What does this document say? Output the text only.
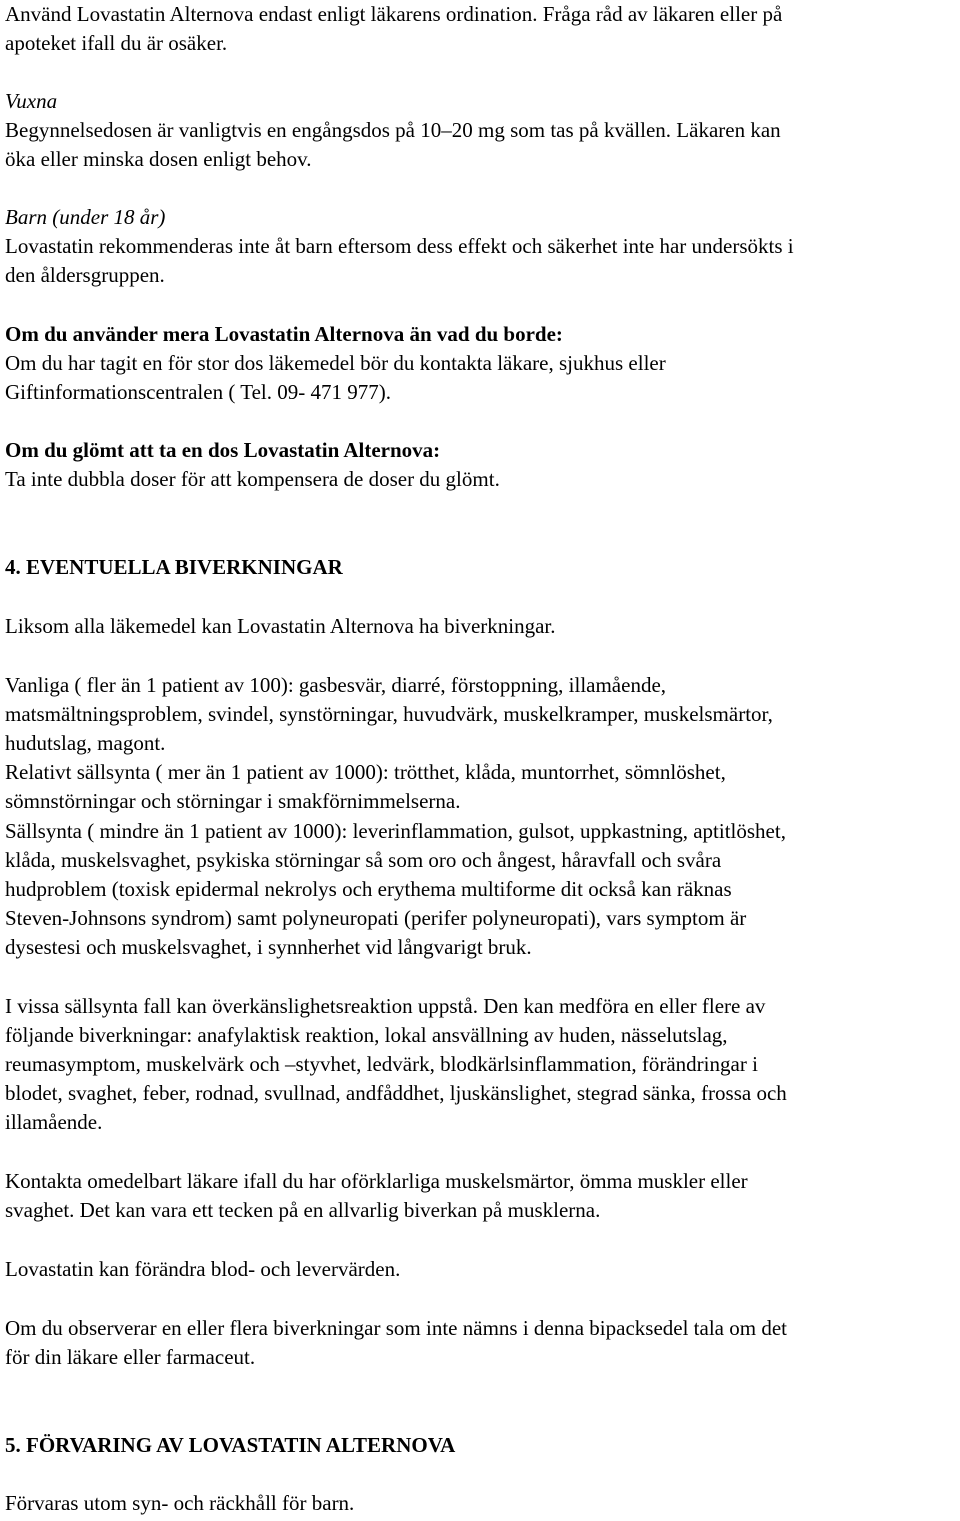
Använd Lovastatin Alternova endast enligt läkarens ordination. Fråga råd av läkaren eller på
apoteket ifall du är osäker.
Vuxna
Begynnelsedosen är vanligtvis en engångsdos på 10–20 mg som tas på kvällen. Läkaren kan
öka eller minska dosen enligt behov.
Barn (under 18 år)
Lovastatin rekommenderas inte åt barn eftersom dess effekt och säkerhet inte har undersökts i
den åldersgruppen.
Om du använder mera Lovastatin Alternova än vad du borde:
Om du har tagit en för stor dos läkemedel bör du kontakta läkare, sjukhus eller
Giftinformationscentralen ( Tel. 09- 471 977).
Om du glömt att ta en dos Lovastatin Alternova:
Ta inte dubbla doser för att kompensera de doser du glömt.
4. EVENTUELLA BIVERKNINGAR
Liksom alla läkemedel kan Lovastatin Alternova ha biverkningar.
Vanliga ( fler än 1 patient av 100): gasbesvär, diarré, förstoppning, illamående,
matsmältningsproblem, svindel, synstörningar, huvudvärk, muskelkramper, muskelsmärtor,
hudutslag, magont.
Relativt sällsynta ( mer än 1 patient av 1000): trötthet, klåda, muntorrhet, sömnlöshet,
sömnstörningar och störningar i smakförnimmelserna.
Sällsynta ( mindre än 1 patient av 1000): leverinflammation, gulsot, uppkastning, aptitlöshet,
klåda, muskelsvaghet, psykiska störningar så som oro och ångest, håravfall och svåra
hudproblem (toxisk epidermal nekrolys och erythema multiforme dit också kan räknas
Steven-Johnsons syndrom) samt polyneuropati (perifer polyneuropati), vars symptom är
dysestesi och muskelsvaghet, i synnherhet vid långvarigt bruk.
I vissa sällsynta fall kan överkänslighetsreaktion uppstå. Den kan medföra en eller flere av
följande biverkningar: anafylaktisk reaktion, lokal ansvällning av huden, nässelutslag,
reumasymptom, muskelvärk och –styvhet, ledvärk, blodkärlsinflammation, förändringar i
blodet, svaghet, feber, rodnad, svullnad, andfåddhet, ljuskänslighet, stegrad sänka, frossa och
illamående.
Kontakta omedelbart läkare ifall du har oförklarliga muskelsmärtor, ömma muskler eller
svaghet. Det kan vara ett tecken på en allvarlig biverkan på musklerna.
Lovastatin kan förändra blod- och levervärden.
Om du observerar en eller flera biverkningar som inte nämns i denna bipacksedel tala om det
för din läkare eller farmaceut.
5. FÖRVARING AV LOVASTATIN ALTERNOVA
Förvaras utom syn- och räckhåll för barn.
